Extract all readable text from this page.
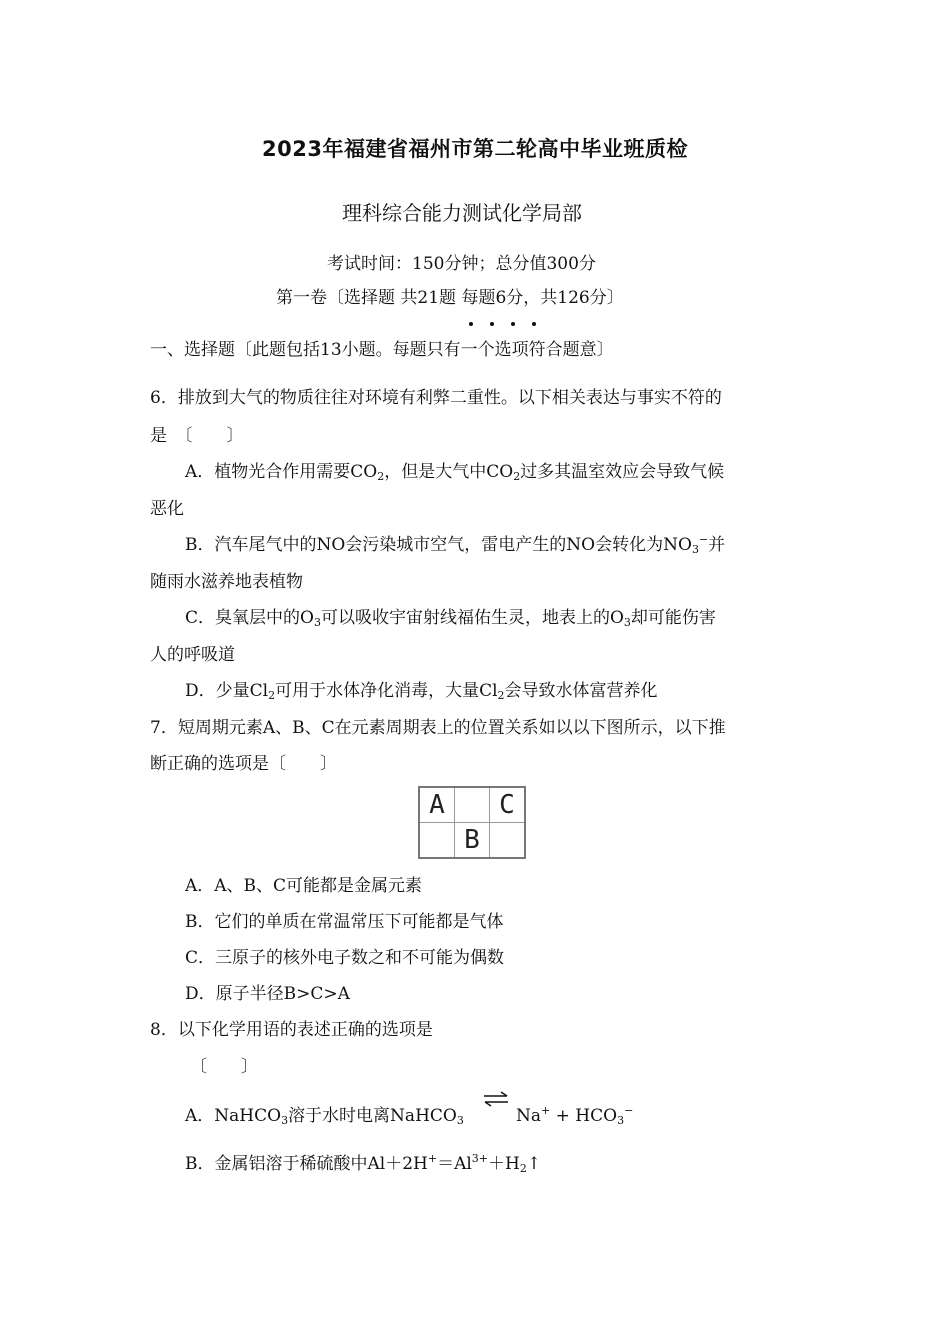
2023年福建省福州市第二轮高中毕业班质检
理科综合能力测试化学局部
考试时间：150分钟；总分值300分
第一卷〔选择题 共21题 每题6分，共126分〕
一、选择题〔此题包括13小题。每题只有一个选项符合题意〕
6．排放到大气的物质往往对环境有利弊二重性。以下相关表达与事实不符的
是　〔　　〕
A．植物光合作用需要$CO_2$，但是大气中$CO_2$过多其温室效应会导致气候
恶化
B．汽车尾气中的NO会污染城市空气，雷电产生的NO会转化为$NO_3^-$并
随雨水滋养地表植物
C．臭氧层中的$O_3$可以吸收宇宙射线福佑生灵，地表上的$O_3$却可能伤害
人的呼吸道
D．少量$Cl_2$可用于水体净化消毒，大量$Cl_2$会导致水体富营养化
7．短周期元素A、B、C在元素周期表上的位置关系如以以下图所示，以下推
断正确的选项是〔　　〕
A		C
	B	
A．A、B、C可能都是金属元素
B．它们的单质在常温常压下可能都是气体
C．三原子的核外电子数之和不可能为偶数
D．原子半径B>C>A
8．以下化学用语的表述正确的选项是
〔　　〕
A．NaHCO$_3$溶于水时电离NaHCO$_3$	$Na^+ + HCO_3^-$
B．金属铝溶于稀硫酸中$Al+2H^+=Al^{3+}+H_2↑$
